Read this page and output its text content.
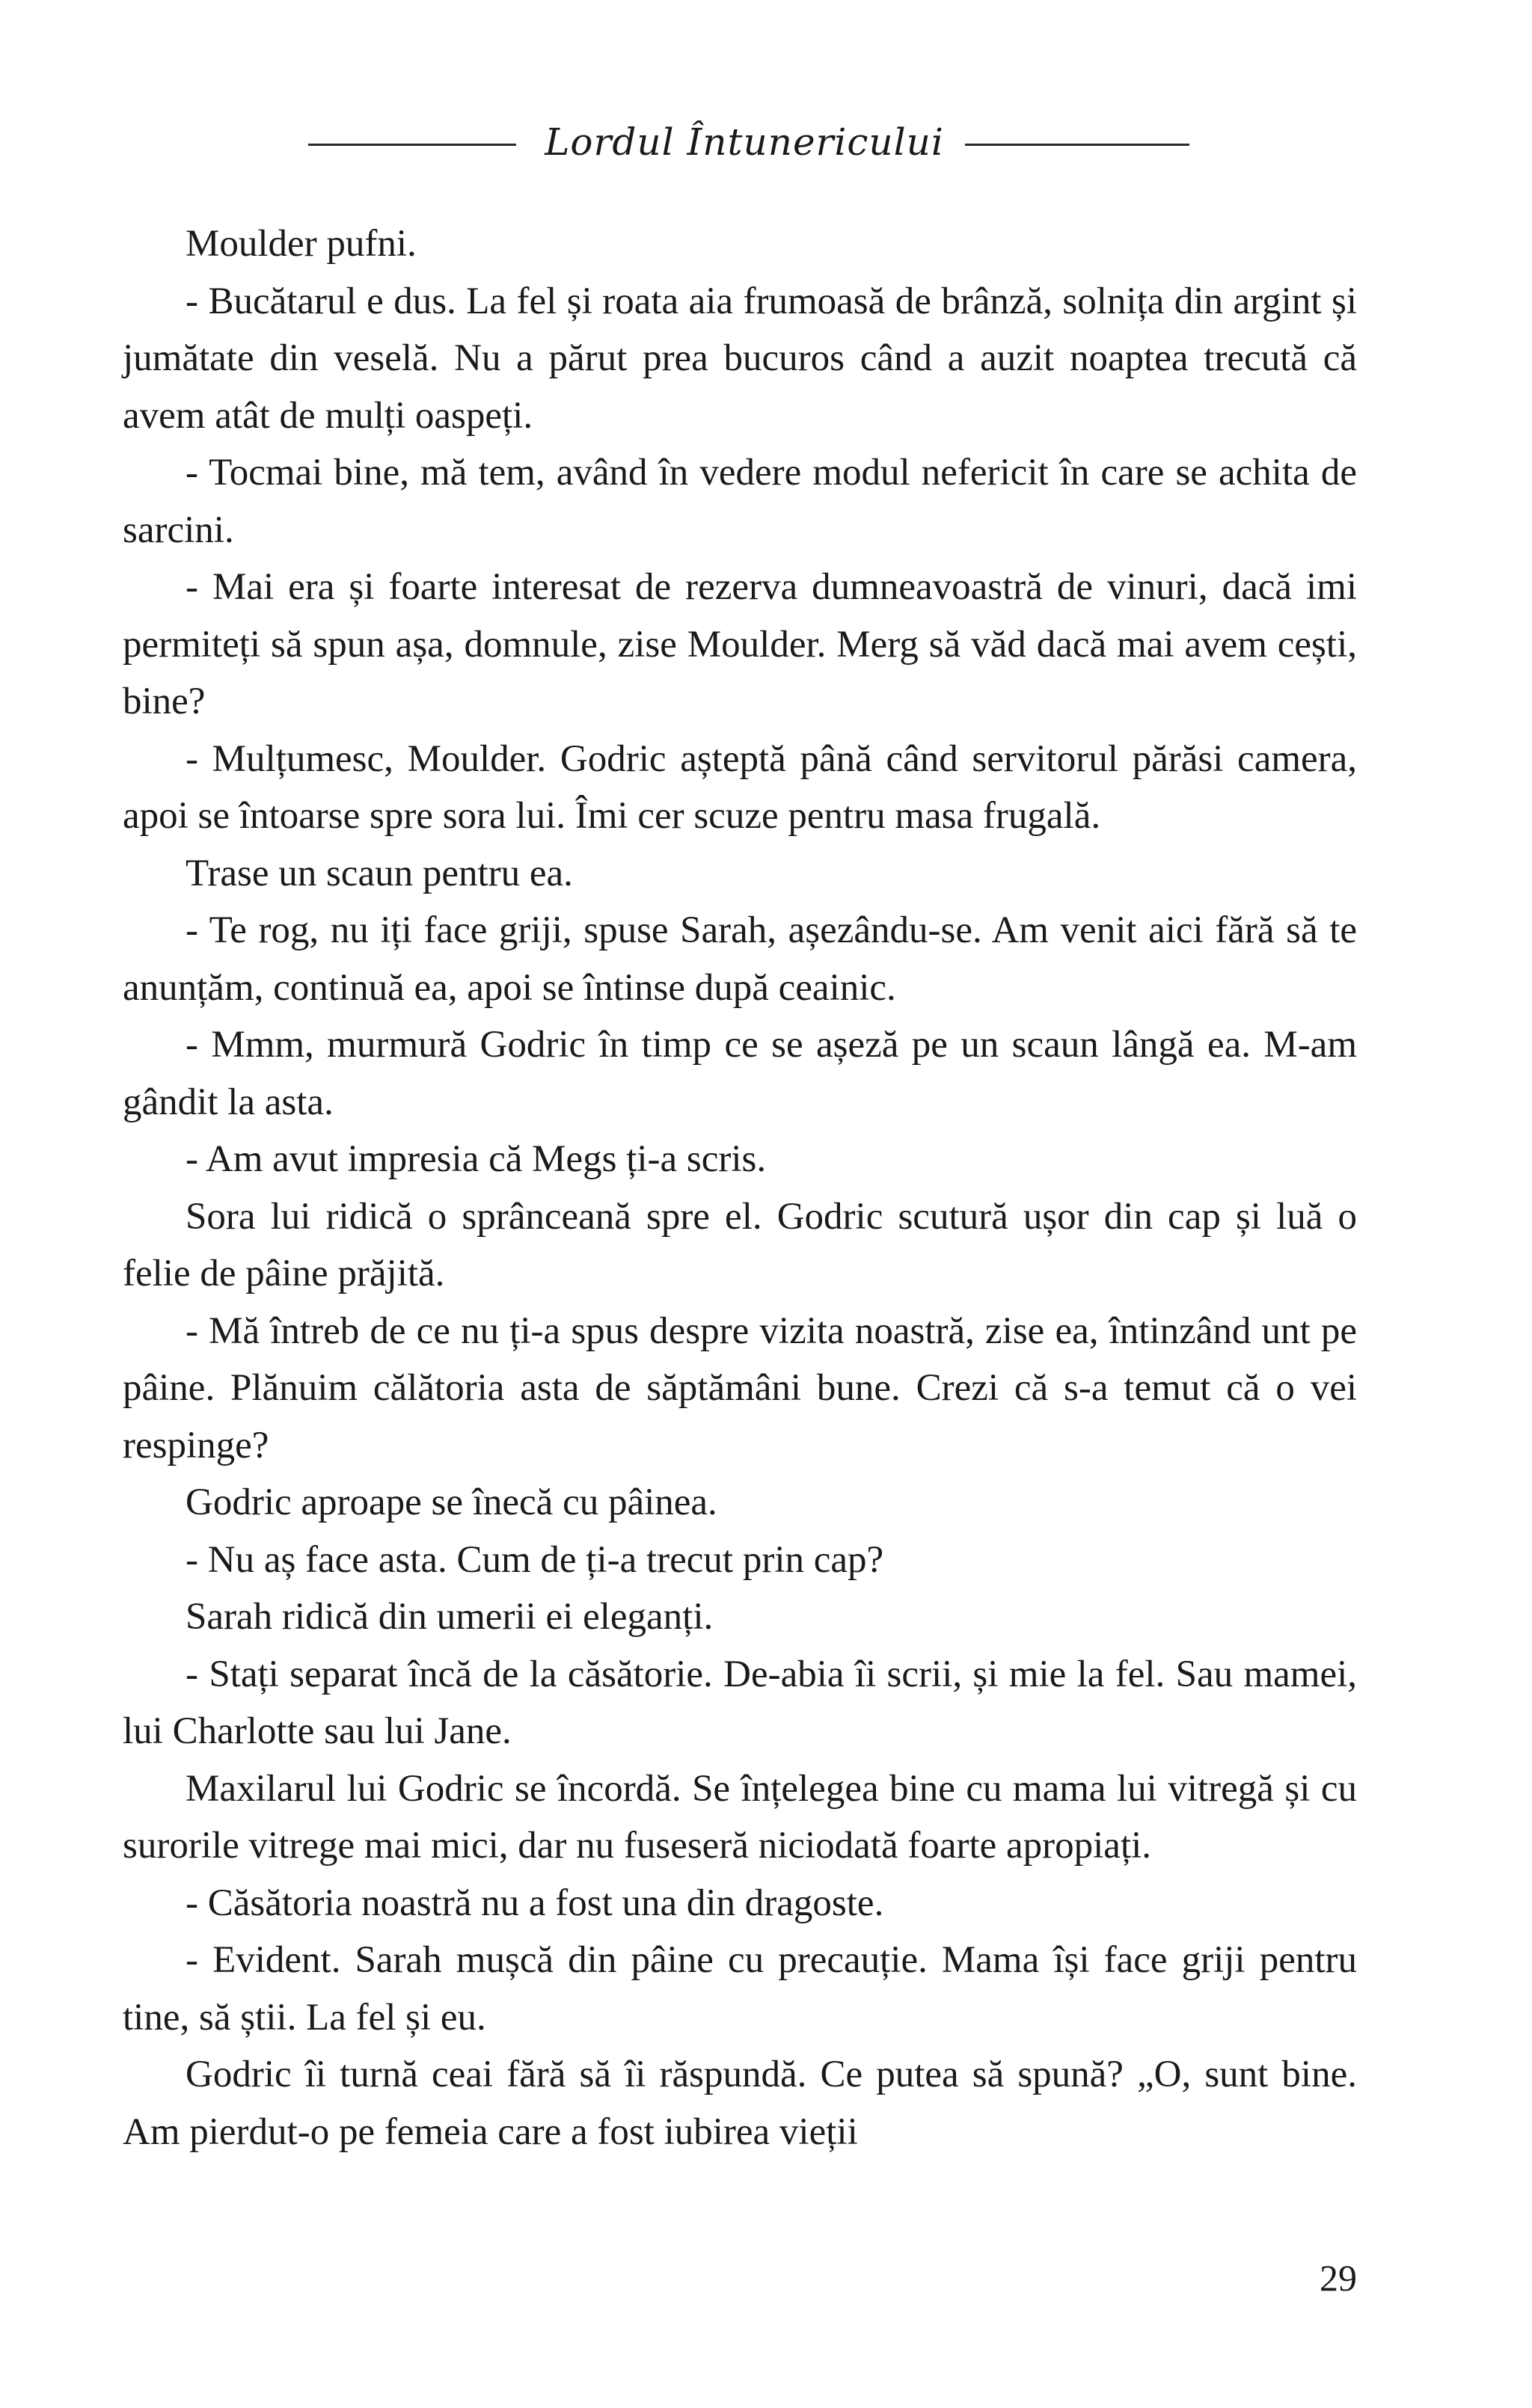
Lordul Întunericului

Moulder pufni.

- Bucătarul e dus. La fel și roata aia frumoasă de brânză, solnița din argint și jumătate din veselă. Nu a părut prea bucuros când a auzit noaptea trecută că avem atât de mulți oaspeți.

- Tocmai bine, mă tem, având în vedere modul nefericit în care se achita de sarcini.

- Mai era și foarte interesat de rezerva dumneavoastră de vinuri, dacă imi permiteți să spun așa, domnule, zise Moulder. Merg să văd dacă mai avem cești, bine?

- Mulțumesc, Moulder. Godric așteptă până când servitorul părăsi camera, apoi se întoarse spre sora lui. Îmi cer scuze pentru masa frugală.

Trase un scaun pentru ea.

- Te rog, nu iți face griji, spuse Sarah, așezându-se. Am venit aici fără să te anunțăm, continuă ea, apoi se întinse după ceainic.

- Mmm, murmură Godric în timp ce se așeză pe un scaun lângă ea. M-am gândit la asta.

- Am avut impresia că Megs ți-a scris.

Sora lui ridică o sprânceană spre el. Godric scutură ușor din cap și luă o felie de pâine prăjită.

- Mă întreb de ce nu ți-a spus despre vizita noastră, zise ea, întinzând unt pe pâine. Plănuim călătoria asta de săptămâni bune. Crezi că s-a temut că o vei respinge?

Godric aproape se înecă cu pâinea.

- Nu aș face asta. Cum de ți-a trecut prin cap?

Sarah ridică din umerii ei eleganți.

- Stați separat încă de la căsătorie. De-abia îi scrii, și mie la fel. Sau mamei, lui Charlotte sau lui Jane.

Maxilarul lui Godric se încordă. Se înțelegea bine cu mama lui vitregă și cu surorile vitrege mai mici, dar nu fuseseră niciodată foarte apropiați.

- Căsătoria noastră nu a fost una din dragoste.

- Evident. Sarah mușcă din pâine cu precauție. Mama își face griji pentru tine, să știi. La fel și eu.

Godric îi turnă ceai fără să îi răspundă. Ce putea să spună? „O, sunt bine. Am pierdut-o pe femeia care a fost iubirea vieții

29
